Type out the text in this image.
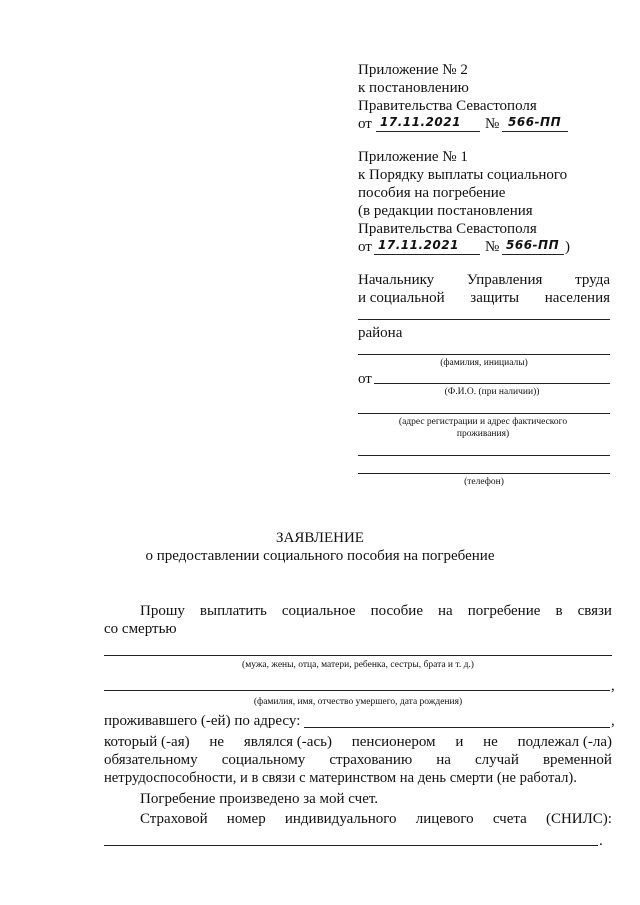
Приложение № 2
к постановлению
Правительства Севастополя
от 17.11.2021 № 566-ПП
Приложение № 1
к Порядку выплаты социального
пособия на погребение
(в редакции постановления
Правительства Севастополя
от 17.11.2021 № 566-ПП )
Начальнику Управления труда
и социальной защиты населения
района
(фамилия, инициалы)
от
(Ф.И.О. (при наличии))
(адрес регистрации и адрес фактического проживания)
(телефон)
ЗАЯВЛЕНИЕ
о предоставлении социального пособия на погребение
Прошу выплатить социальное пособие на погребение в связи
со смертью
(мужа, жены, отца, матери, ребенка, сестры, брата и т. д.)
,
(фамилия, имя, отчество умершего, дата рождения)
проживавшего (-ей) по адресу:	,
который (-ая) не являлся (-ась) пенсионером и не подлежал (-ла)
обязательному социальному страхованию на случай временной
нетрудоспособности, и в связи с материнством на день смерти (не работал).
Погребение произведено за мой счет.
Страховой номер индивидуального лицевого счета (СНИЛС):
.
